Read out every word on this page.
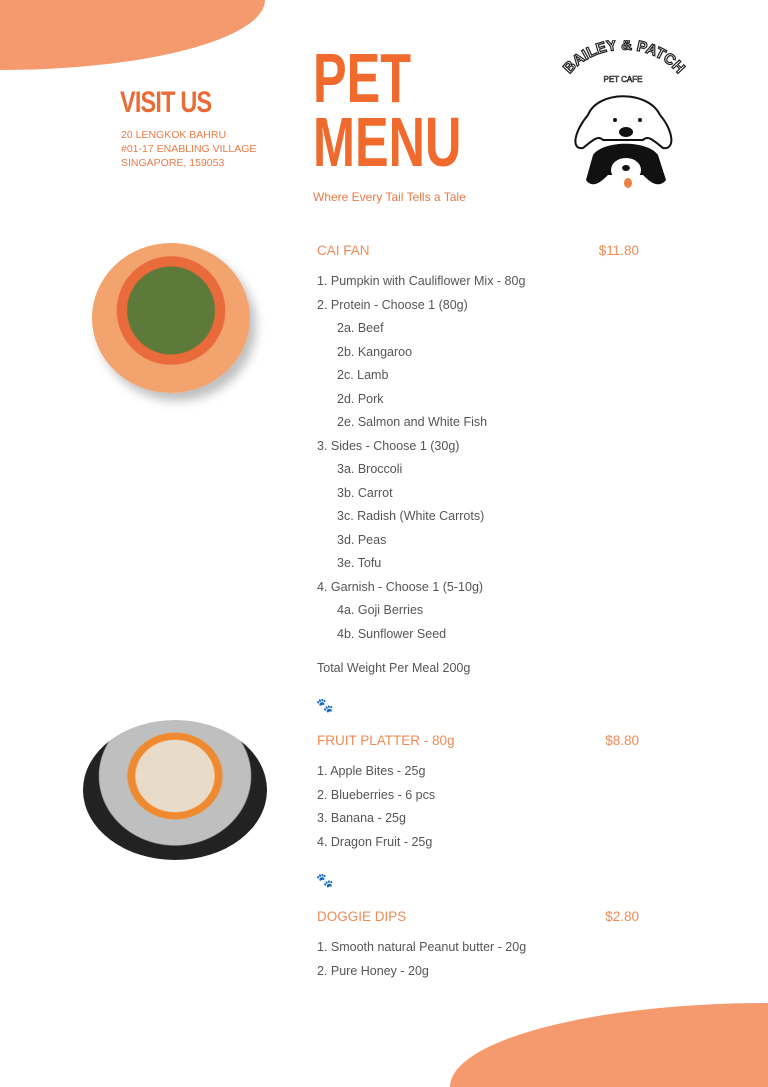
VISIT US
20 LENGKOK BAHRU
#01-17 ENABLING VILLAGE
SINGAPORE, 159053
PET
MENU
Where Every Tail Tells a Tale
BAILEY & PATCH
PET CAFE
CAI FAN	$11.80
1. Pumpkin with Cauliflower Mix - 80g
2. Protein - Choose 1 (80g)
2a. Beef
2b. Kangaroo
2c. Lamb
2d. Pork
2e. Salmon and White Fish
3. Sides - Choose 1 (30g)
3a. Broccoli
3b. Carrot
3c. Radish (White Carrots)
3d. Peas
3e. Tofu
4. Garnish - Choose 1 (5-10g)
4a. Goji Berries
4b. Sunflower Seed
Total Weight Per Meal 200g
🐾
FRUIT PLATTER - 80g	$8.80
1. Apple Bites - 25g
2. Blueberries - 6 pcs
3. Banana - 25g
4. Dragon Fruit - 25g
🐾
DOGGIE DIPS	$2.80
1. Smooth natural Peanut butter - 20g
2. Pure Honey - 20g
